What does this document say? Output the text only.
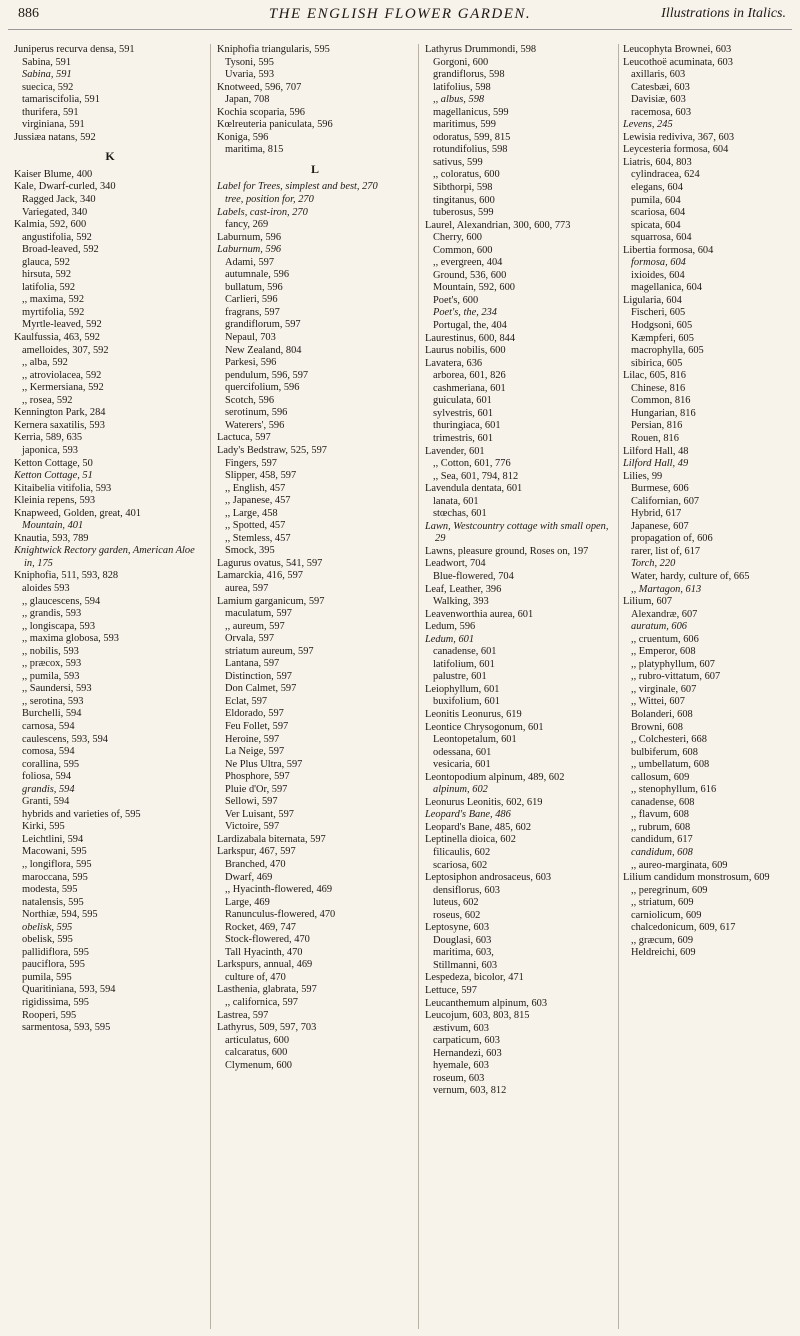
886	THE ENGLISH FLOWER GARDEN.	Illustrations in Italics.
Juniperus recurva densa, 591
Sabina, 591
Sabina, 591
suecica, 592
tamariscifolia, 591
thurifera, 591
virginiana, 591
Jussiæa natans, 592
K
Kaiser Blume, 400
Kale, Dwarf-curled, 340
Ragged Jack, 340
Variegated, 340
Kalmia, 592, 600
angustifolia, 592
Broad-leaved, 592
glauca, 592
hirsuta, 592
latifolia, 592
,, maxima, 592
myrtifolia, 592
Myrtle-leaved, 592
Kaulfussia, 463, 592
amelloides, 307, 592
,, alba, 592
,, atroviolacea, 592
,, Kermersiana, 592
,, rosea, 592
Kennington Park, 284
Kernera saxatilis, 593
Kerria, 589, 635
japonica, 593
Ketton Cottage, 50
Ketton Cottage, 51
Kitaibelia vitifolia, 593
Kleinia repens, 593
Knapweed, Golden, great, 401
Mountain, 401
Knautia, 593, 789
Knightwick Rectory garden, American Aloe in, 175
Kniphofia, 511, 593, 828
aloides 593
,, glaucescens, 594
,, grandis, 593
,, longiscapa, 593
,, maxima globosa, 593
,, nobilis, 593
,, præcox, 593
,, pumila, 593
,, Saundersi, 593
,, serotina, 593
Burchelli, 594
carnosa, 594
caulescens, 593, 594
comosa, 594
corallina, 595
foliosa, 594
grandis, 594
Granti, 594
hybrids and varieties of, 595
Kirki, 595
Leichtlini, 594
Macowani, 595
,, longiflora, 595
maroccana, 595
modesta, 595
natalensis, 595
Northiæ, 594, 595
obelisk, 595
obelisk, 595
pallidiflora, 595
pauciflora, 595
pumila, 595
Quaritiniana, 593, 594
rigidissima, 595
Rooperi, 595
sarmentosa, 593, 595
Kniphofia triangularis, 595
Tysoni, 595
Uvaria, 593
Knotweed, 596, 707
Japan, 708
Kochia scoparia, 596
Kœlreuteria paniculata, 596
Koniga, 596
maritima, 815
L
Label for Trees, simplest and best, 270
tree, position for, 270
Labels, cast-iron, 270
fancy, 269
Laburnum, 596
Laburnum, 596
Adami, 597
autumnale, 596
bullatum, 596
Carlieri, 596
fragrans, 597
grandiflorum, 597
Nepaul, 703
New Zealand, 804
Parkesi, 596
pendulum, 596, 597
quercifolium, 596
Scotch, 596
serotinum, 596
Waterers', 596
Lactuca, 597
Lady's Bedstraw, 525, 597
Fingers, 597
Slipper, 458, 597
,, English, 457
,, Japanese, 457
,, Large, 458
,, Spotted, 457
,, Stemless, 457
Smock, 395
Lagurus ovatus, 541, 597
Lamarckia, 416, 597
aurea, 597
Lamium garganicum, 597
maculatum, 597
,, aureum, 597
Orvala, 597
striatum aureum, 597
Lantana, 597
Distinction, 597
Don Calmet, 597
Eclat, 597
Eldorado, 597
Feu Follet, 597
Heroine, 597
La Neige, 597
Ne Plus Ultra, 597
Phosphore, 597
Pluie d'Or, 597
Sellowi, 597
Ver Luisant, 597
Victoire, 597
Lardizabala biternata, 597
Larkspur, 467, 597
Branched, 470
Dwarf, 469
,, Hyacinth-flowered, 469
Large, 469
Ranunculus-flowered, 470
Rocket, 469, 747
Stock-flowered, 470
Tall Hyacinth, 470
Larkspurs, annual, 469
culture of, 470
Lasthenia, glabrata, 597
,, californica, 597
Lastrea, 597
Lathyrus, 509, 597, 703
articulatus, 600
calcaratus, 600
Clymenum, 600
Lathyrus Drummondi, 598
Gorgoni, 600
grandiflorus, 598
latifolius, 598
,, albus, 598
magellanicus, 599
maritimus, 599
odoratus, 599, 815
rotundifolius, 598
sativus, 599
,, coloratus, 600
Sibthorpi, 598
tingitanus, 600
tuberosus, 599
Laurel, Alexandrian, 300, 600, 773
Cherry, 600
Common, 600
,, evergreen, 404
Ground, 536, 600
Mountain, 592, 600
Poet's, 600
Poet's, the, 234
Portugal, the, 404
Laurestinus, 600, 844
Laurus nobilis, 600
Lavatera, 636
arborea, 601, 826
cashmeriana, 601
guiculata, 601
sylvestris, 601
thuringiaca, 601
trimestris, 601
Lavender, 601
,, Cotton, 601, 776
,, Sea, 601, 794, 812
Lavendula dentata, 601
lanata, 601
stœchas, 601
Lawn, Westcountry cottage with small open, 29
Lawns, pleasure ground, Roses on, 197
Leadwort, 704
Blue-flowered, 704
Leaf, Leather, 396
Walking, 393
Leavenworthia aurea, 601
Ledum, 596
Ledum, 601
canadense, 601
latifolium, 601
palustre, 601
Leiophyllum, 601
buxifolium, 601
Leonitis Leonurus, 619
Leontice Chrysogonum, 601
Leontopetalum, 601
odessana, 601
vesicaria, 601
Leontopodium alpinum, 489, 602
alpinum, 602
Leonurus Leonitis, 602, 619
Leopard's Bane, 486
Leopard's Bane, 485, 602
Leptinella dioica, 602
filicaulis, 602
scariosa, 602
Leptosiphon androsaceus, 603
densiflorus, 603
luteus, 602
roseus, 602
Leptosyne, 603
Douglasi, 603
maritima, 603,
Stillmanni, 603
Lespedeza, bicolor, 471
Lettuce, 597
Leucanthemum alpinum, 603
Leucojum, 603, 803, 815
æstivum, 603
carpaticum, 603
Hernandezi, 603
hyemale, 603
roseum, 603
vernum, 603, 812
Leucophyta Brownei, 603
Leucothoë acuminata, 603
axillaris, 603
Catesbæi, 603
Davisiæ, 603
racemosa, 603
Levens, 245
Lewisia rediviva, 367, 603
Leycesteria formosa, 604
Liatris, 604, 803
cylindracea, 624
elegans, 604
pumila, 604
scariosa, 604
spicata, 604
squarrosa, 604
Libertia formosa, 604
formosa, 604
ixioides, 604
magellanica, 604
Ligularia, 604
Fischeri, 605
Hodgsoni, 605
Kæmpferi, 605
macrophylla, 605
sibirica, 605
Lilac, 605, 816
Chinese, 816
Common, 816
Hungarian, 816
Persian, 816
Rouen, 816
Lilford Hall, 48
Lilford Hall, 49
Lilies, 99
Burmese, 606
Californian, 607
Hybrid, 617
Japanese, 607
propagation of, 606
rarer, list of, 617
Torch, 220
Water, hardy, culture of, 665
,, Martagon, 613
Lilium, 607
Alexandræ, 607
auratum, 606
,, cruentum, 606
,, Emperor, 608
,, platyphyllum, 607
,, rubro-vittatum, 607
,, virginale, 607
,, Wittei, 607
Bolanderi, 608
Browni, 608
,, Colchesteri, 668
bulbiferum, 608
,, umbellatum, 608
callosum, 609
,, stenophyllum, 616
canadense, 608
,, flavum, 608
,, rubrum, 608
candidum, 617
candidum, 608
,, aureo-marginata, 609
Lilium candidum monstrosum, 609
,, peregrinum, 609
,, striatum, 609
carniolicum, 609
chalcedonicum, 609, 617
,, græcum, 609
Heldreichi, 609
